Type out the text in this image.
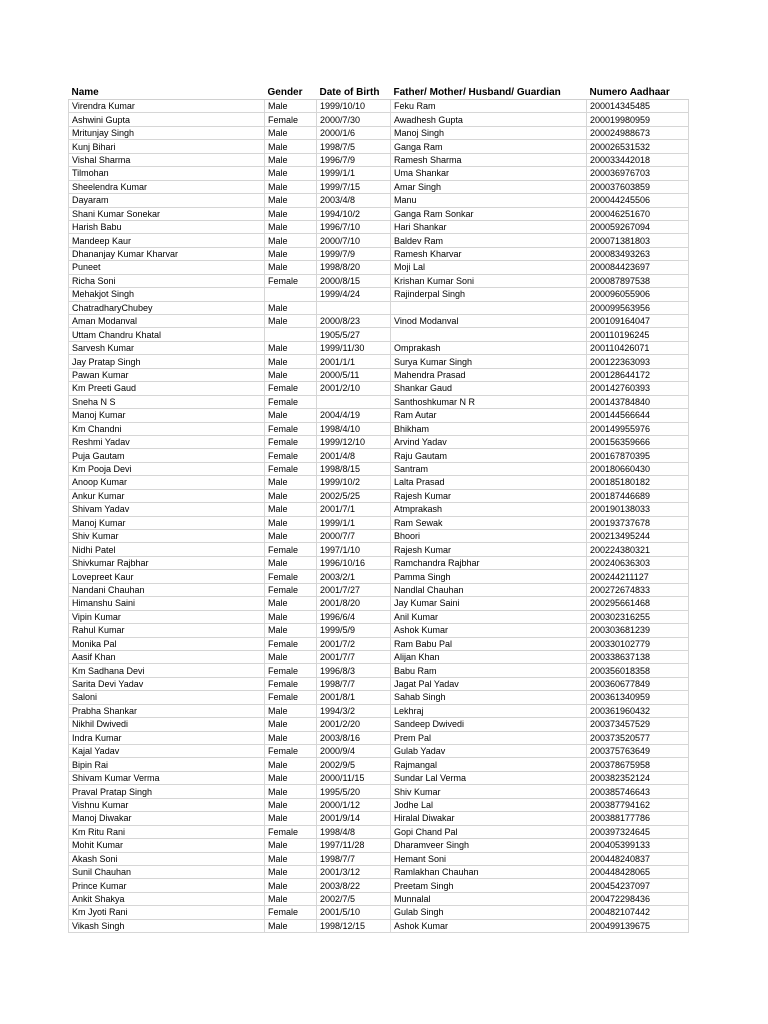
Name	Gender	Date of Birth	Father/ Mother/ Husband/ Guardian	Numero Aadhaar
Virendra Kumar	Male	1999/10/10	Feku Ram	200014345485
Ashwini Gupta	Female	2000/7/30	Awadhesh Gupta	200019980959
Mritunjay Singh	Male	2000/1/6	Manoj Singh	200024988673
Kunj Bihari	Male	1998/7/5	Ganga Ram	200026531532
Vishal Sharma	Male	1996/7/9	Ramesh Sharma	200033442018
Tilmohan	Male	1999/1/1	Uma Shankar	200036976703
Sheelendra Kumar	Male	1999/7/15	Amar Singh	200037603859
Dayaram	Male	2003/4/8	Manu	200044245506
Shani Kumar Sonekar	Male	1994/10/2	Ganga Ram Sonkar	200046251670
Harish Babu	Male	1996/7/10	Hari Shankar	200059267094
Mandeep Kaur	Male	2000/7/10	Baldev Ram	200071381803
Dhananjay Kumar Kharvar	Male	1999/7/9	Ramesh Kharvar	200083493263
Puneet	Male	1998/8/20	Moji Lal	200084423697
Richa Soni	Female	2000/8/15	Krishan Kumar Soni	200087897538
Mehakjot Singh		1999/4/24	Rajinderpal Singh	200096055906
ChatradharyChubey	Male			200099563956
Aman Modanval	Male	2000/8/23	Vinod Modanval	200109164047
Uttam Chandru Khatal		1905/5/27		200110196245
Sarvesh Kumar	Male	1999/11/30	Omprakash	200110426071
Jay Pratap Singh	Male	2001/1/1	Surya Kumar Singh	200122363093
Pawan Kumar	Male	2000/5/11	Mahendra Prasad	200128644172
Km Preeti Gaud	Female	2001/2/10	Shankar Gaud	200142760393
Sneha N S	Female		Santhoshkumar N R	200143784840
Manoj Kumar	Male	2004/4/19	Ram Autar	200144566644
Km Chandni	Female	1998/4/10	Bhikham	200149955976
Reshmi Yadav	Female	1999/12/10	Arvind Yadav	200156359666
Puja Gautam	Female	2001/4/8	Raju Gautam	200167870395
Km Pooja Devi	Female	1998/8/15	Santram	200180660430
Anoop Kumar	Male	1999/10/2	Lalta Prasad	200185180182
Ankur Kumar	Male	2002/5/25	Rajesh Kumar	200187446689
Shivam Yadav	Male	2001/7/1	Atmprakash	200190138033
Manoj Kumar	Male	1999/1/1	Ram Sewak	200193737678
Shiv Kumar	Male	2000/7/7	Bhoori	200213495244
Nidhi Patel	Female	1997/1/10	Rajesh Kumar	200224380321
Shivkumar Rajbhar	Male	1996/10/16	Ramchandra Rajbhar	200240636303
Lovepreet Kaur	Female	2003/2/1	Pamma Singh	200244211127
Nandani Chauhan	Female	2001/7/27	Nandlal Chauhan	200272674833
Himanshu Saini	Male	2001/8/20	Jay Kumar Saini	200295661468
Vipin Kumar	Male	1996/6/4	Anil Kumar	200302316255
Rahul Kumar	Male	1999/5/9	Ashok Kumar	200303681239
Monika Pal	Female	2001/7/2	Ram Babu Pal	200330102779
Aasif Khan	Male	2001/7/7	Alijan Khan	200338637138
Km Sadhana Devi	Female	1996/8/3	Babu Ram	200356018358
Sarita Devi Yadav	Female	1998/7/7	Jagat Pal Yadav	200360677849
Saloni	Female	2001/8/1	Sahab Singh	200361340959
Prabha Shankar	Male	1994/3/2	Lekhraj	200361960432
Nikhil Dwivedi	Male	2001/2/20	Sandeep Dwivedi	200373457529
Indra Kumar	Male	2003/8/16	Prem Pal	200373520577
Kajal Yadav	Female	2000/9/4	Gulab Yadav	200375763649
Bipin Rai	Male	2002/9/5	Rajmangal	200378675958
Shivam Kumar Verma	Male	2000/11/15	Sundar Lal Verma	200382352124
Praval Pratap Singh	Male	1995/5/20	Shiv Kumar	200385746643
Vishnu Kumar	Male	2000/1/12	Jodhe Lal	200387794162
Manoj Diwakar	Male	2001/9/14	Hiralal Diwakar	200388177786
Km Ritu Rani	Female	1998/4/8	Gopi Chand Pal	200397324645
Mohit Kumar	Male	1997/11/28	Dharamveer Singh	200405399133
Akash Soni	Male	1998/7/7	Hemant Soni	200448240837
Sunil Chauhan	Male	2001/3/12	Ramlakhan Chauhan	200448428065
Prince Kumar	Male	2003/8/22	Preetam Singh	200454237097
Ankit Shakya	Male	2002/7/5	Munnalal	200472298436
Km Jyoti Rani	Female	2001/5/10	Gulab Singh	200482107442
Vikash Singh	Male	1998/12/15	Ashok Kumar	200499139675
